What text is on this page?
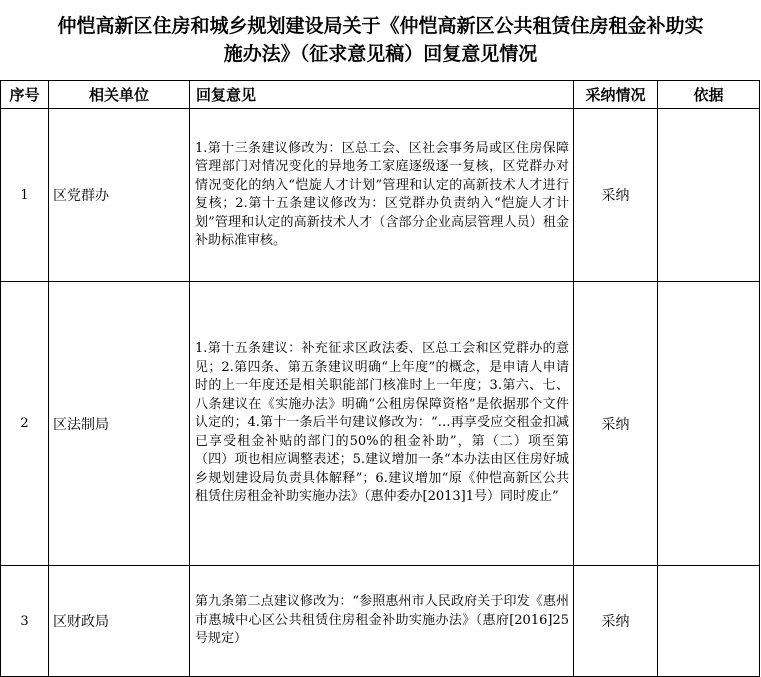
仲恺高新区住房和城乡规划建设局关于《仲恺高新区公共租赁住房租金补助实
施办法》（征求意见稿）回复意见情况
序号	相关单位	回复意见	采纳情况	依据
1	区党群办	1.第十三条建议修改为：区总工会、区社会事务局或区住房保障管理部门对情况变化的异地务工家庭逐级逐一复核，区党群办对情况变化的纳入“恺旋人才计划”管理和认定的高新技术人才进行复核；2.第十五条建议修改为：区党群办负责纳入“恺旋人才计划”管理和认定的高新技术人才（含部分企业高层管理人员）租金补助标准审核。	采纳	
2	区法制局	1.第十五条建议：补充征求区政法委、区总工会和区党群办的意见；2.第四条、第五条建议明确“上年度”的概念，是申请人申请时的上一年度还是相关职能部门核准时上一年度；3.第六、七、八条建议在《实施办法》明确“公租房保障资格”是依据那个文件认定的；4.第十一条后半句建议修改为：“…再享受应交租金扣减已享受租金补贴的部门的50%的租金补助”，第（二）项至第（四）项也相应调整表述；5.建议增加一条“本办法由区住房好城乡规划建设局负责具体解释”；6.建议增加“原《仲恺高新区公共租赁住房租金补助实施办法》（惠仲委办[2013]1号）同时废止”	采纳	
3	区财政局	第九条第二点建议修改为：“参照惠州市人民政府关于印发《惠州市惠城中心区公共租赁住房租金补助实施办法》（惠府[2016]25号规定）	采纳	
